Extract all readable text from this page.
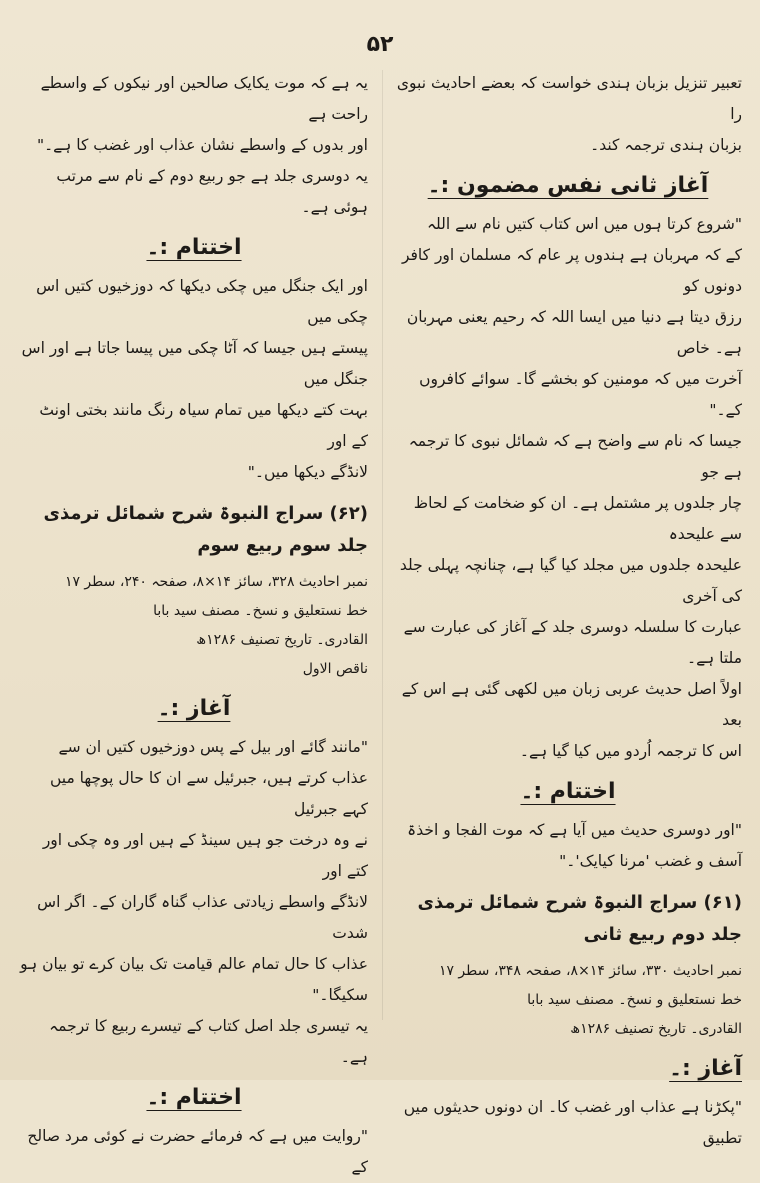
۵۲

تعبیر تنزیل بزبان ہندی خواست کہ بعضے احادیث نبوی را

بزبان ہندی ترجمہ کند۔

آغاز ثانی نفس مضمون :۔

"شروع کرتا ہوں میں اس کتاب کتیں نام سے اللہ

کے کہ مہربان ہے ہندوں پر عام کہ مسلمان اور کافر دونوں کو

رزق دیتا ہے دنیا میں ایسا اللہ کہ رحیم یعنی مہربان ہے۔ خاص

آخرت میں کہ مومنین کو بخشے گا۔ سوائے کافروں کے۔"

جیسا کہ نام سے واضح ہے کہ شمائل نبوی کا ترجمہ ہے جو

چار جلدوں پر مشتمل ہے۔ ان کو ضخامت کے لحاظ سے علیحدہ

علیحدہ جلدوں میں مجلد کیا گیا ہے، چنانچہ پہلی جلد کی آخری

عبارت کا سلسلہ دوسری جلد کے آغاز کی عبارت سے ملتا ہے۔

اولاً اصل حدیث عربی زبان میں لکھی گئی ہے اس کے بعد

اس کا ترجمہ اُردو میں کیا گیا ہے۔

اختتام :۔

"اور دوسری حدیث میں آیا ہے کہ موت الفجا و اخذۃ

آسف و غضب 'مرنا کیایک'۔"

(۶۱) سراج النبوۃ شرح شمائل ترمذی جلد دوم ربیع ثانی

نمبر احادیث ۳۳۰، سائز ۱۴×۸، صفحہ ۳۴۸، سطر ۱۷

خط نستعلیق و نسخ۔ مصنف سید بابا

القادری۔ تاریخ تصنیف ۱۲۸۶ھ

آغاز :۔

"پکڑنا ہے عذاب اور غضب کا۔ ان دونوں حدیثوں میں تطبیق

یہ ہے کہ موت یکایک صالحین اور نیکوں کے واسطے راحت ہے

اور بدوں کے واسطے نشان عذاب اور غضب کا ہے۔"

یہ دوسری جلد ہے جو ربیع دوم کے نام سے مرتب ہوئی ہے۔

اختتام :۔

اور ایک جنگل میں چکی دیکھا کہ دوزخیوں کتیں اس چکی میں

پیستے ہیں جیسا کہ آٹا چکی میں پیسا جاتا ہے اور اس جنگل میں

بہت کتے دیکھا میں تمام سیاہ رنگ مانند بختی اونٹ کے اور

لانڈگے دیکھا میں۔"

(۶۲) سراج النبوۃ شرح شمائل ترمذی جلد سوم ربیع سوم

نمبر احادیث ۳۲۸، سائز ۱۴×۸، صفحہ ۲۴۰، سطر ۱۷

خط نستعلیق و نسخ۔ مصنف سید بابا

القادری۔ تاریخ تصنیف ۱۲۸۶ھ

ناقص الاول

آغاز :۔

"مانند گائے اور بیل کے پس دوزخیوں کتیں ان سے

عذاب کرتے ہیں، جبرئیل سے ان کا حال پوچھا میں کہے جبرئیل

نے وہ درخت جو ہیں سینڈ کے ہیں اور وہ چکی اور کتے اور

لانڈگے واسطے زیادتی عذاب گناہ گاران کے۔ اگر اس شدت

عذاب کا حال تمام عالم قیامت تک بیان کرے تو بیان ہو سکیگا۔"

یہ تیسری جلد اصل کتاب کے تیسرے ربیع کا ترجمہ ہے۔

اختتام :۔

"روایت میں ہے کہ فرمائے حضرت نے کوئی مرد صالح کے
